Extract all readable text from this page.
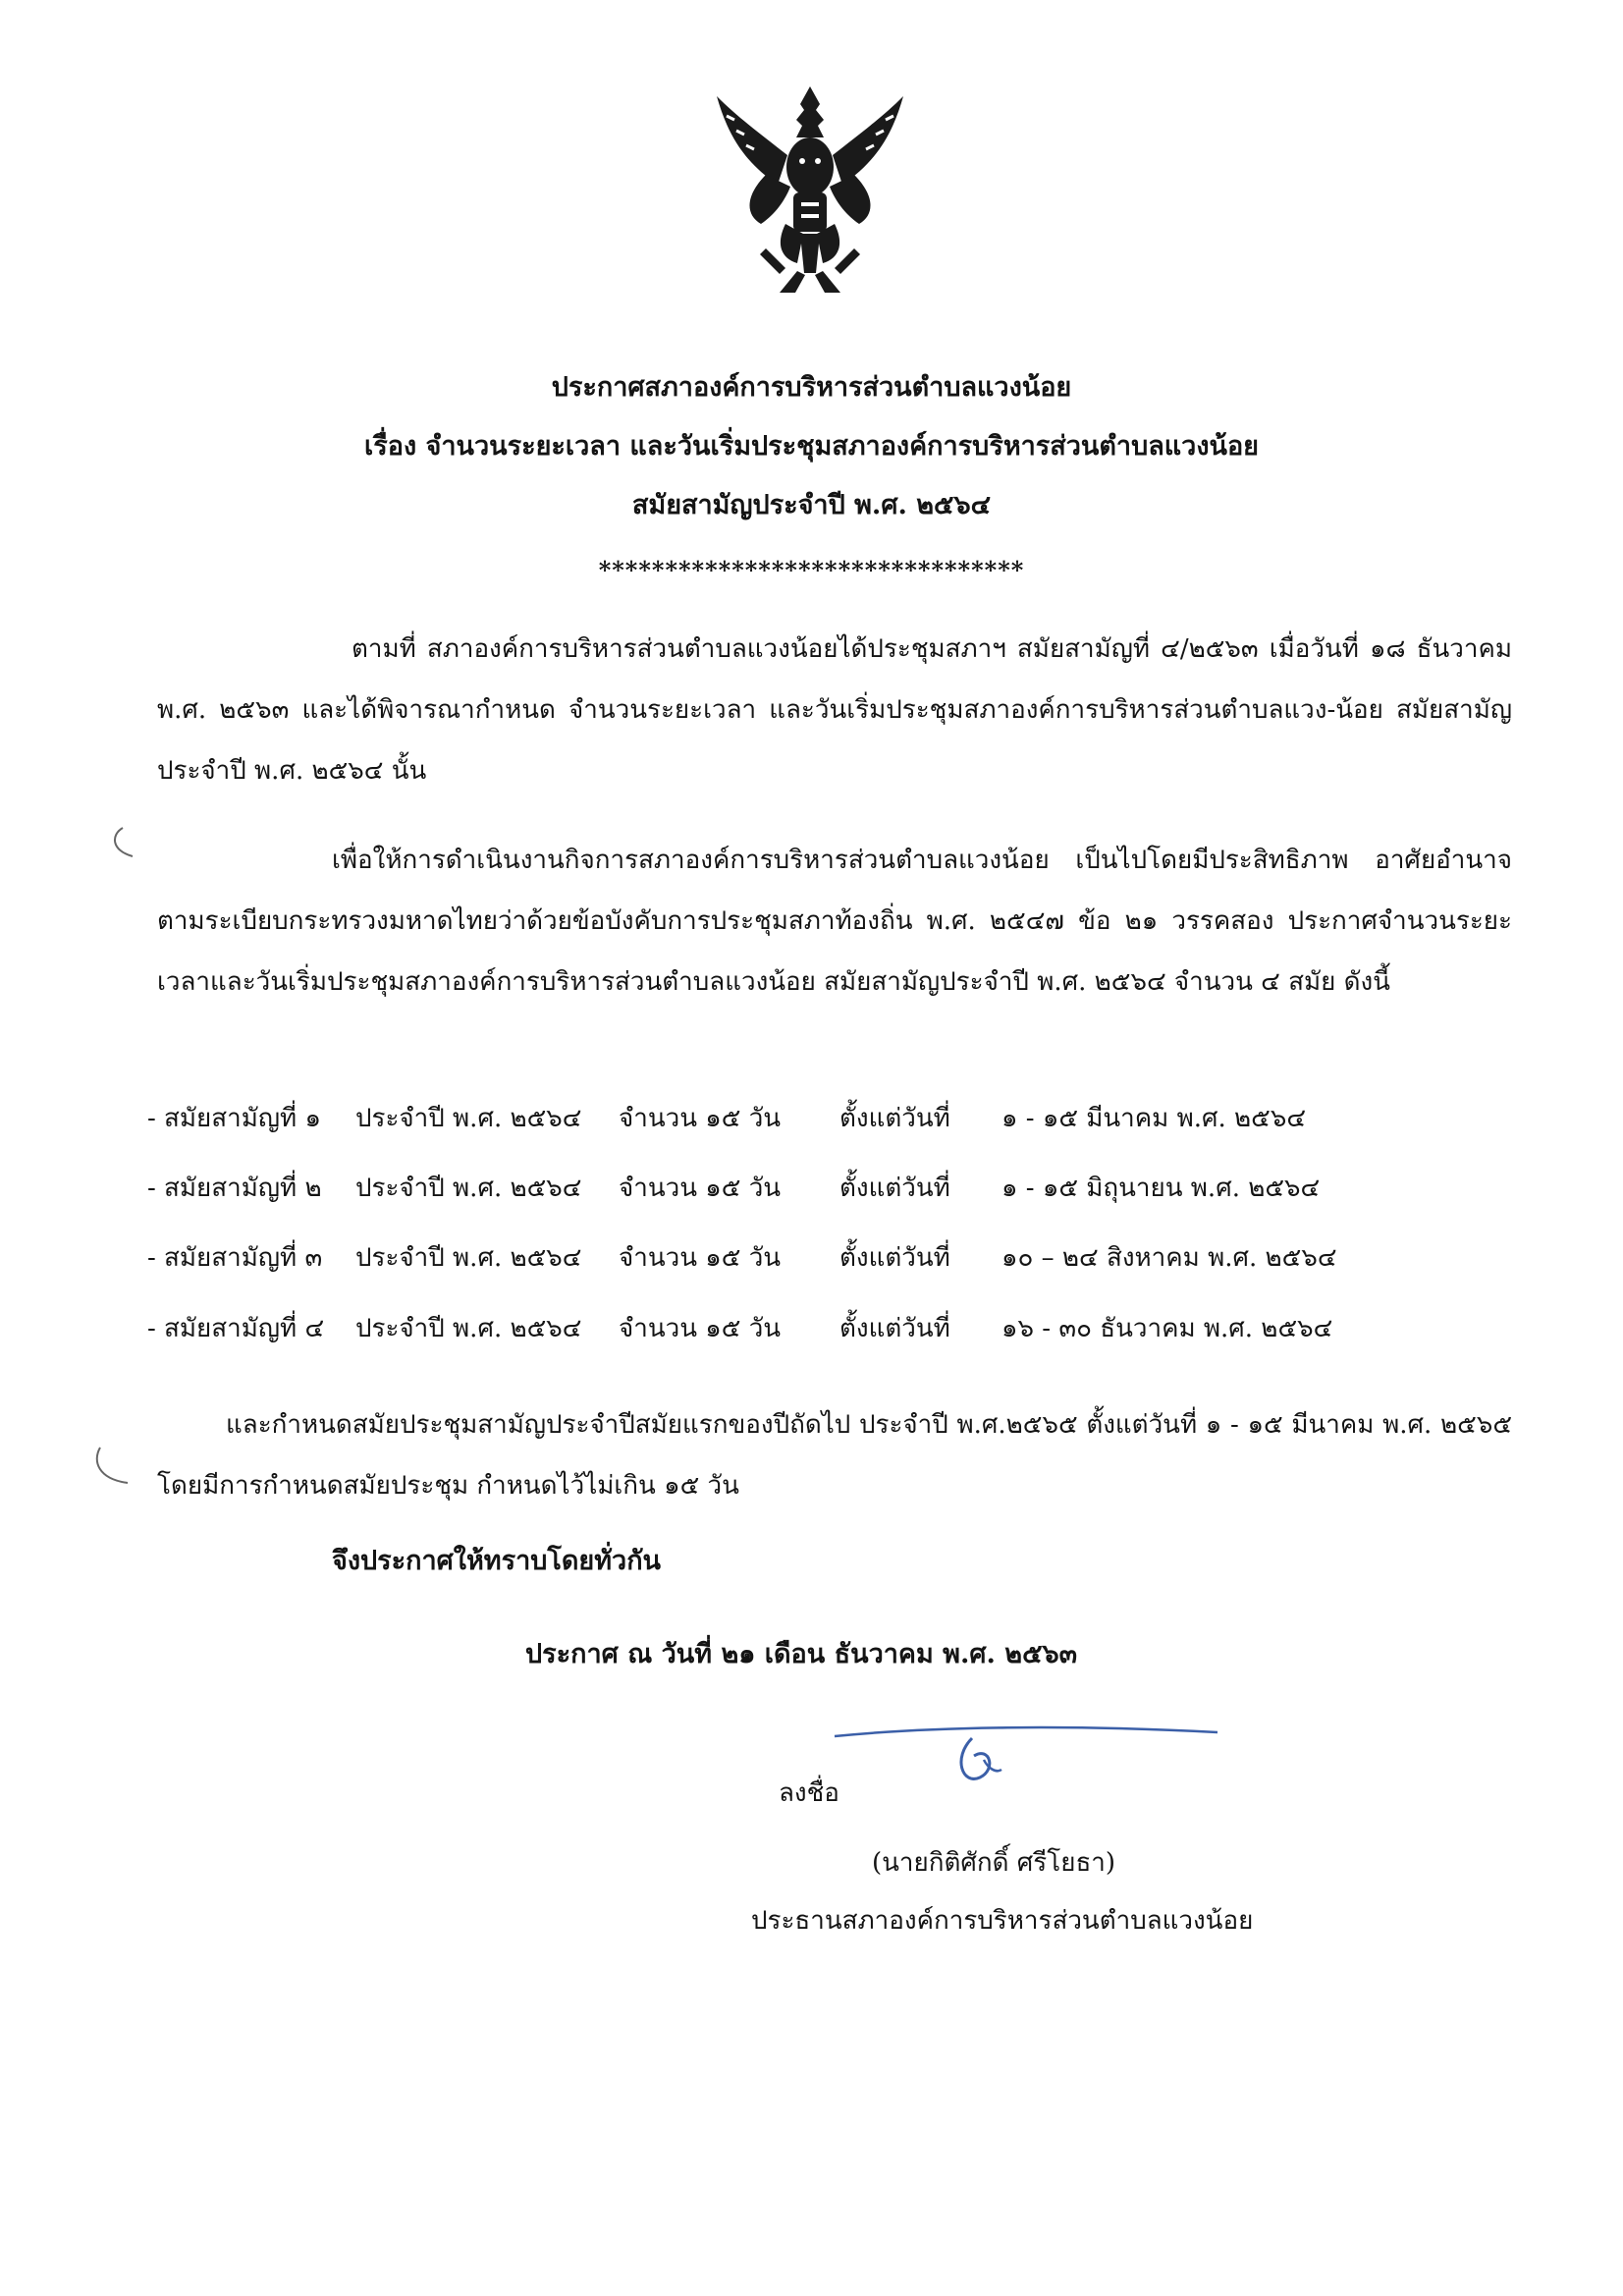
ประกาศสภาองค์การบริหารส่วนตำบลแวงน้อย
เรื่อง จำนวนระยะเวลา และวันเริ่มประชุมสภาองค์การบริหารส่วนตำบลแวงน้อย
สมัยสามัญประจำปี พ.ศ. ๒๕๖๔
********************************

ตามที่ สภาองค์การบริหารส่วนตำบลแวงน้อยได้ประชุมสภาฯ สมัยสามัญที่ ๔/๒๕๖๓ เมื่อวันที่ ๑๘ ธันวาคม พ.ศ. ๒๕๖๓ และได้พิจารณากำหนด จำนวนระยะเวลา และวันเริ่มประชุมสภาองค์การบริหารส่วนตำบลแวง-น้อย สมัยสามัญประจำปี พ.ศ. ๒๕๖๔ นั้น

เพื่อให้การดำเนินงานกิจการสภาองค์การบริหารส่วนตำบลแวงน้อย เป็นไปโดยมีประสิทธิภาพ อาศัยอำนาจตามระเบียบกระทรวงมหาดไทยว่าด้วยข้อบังคับการประชุมสภาท้องถิ่น พ.ศ. ๒๕๔๗ ข้อ ๒๑ วรรคสอง ประกาศจำนวนระยะเวลาและวันเริ่มประชุมสภาองค์การบริหารส่วนตำบลแวงน้อย สมัยสามัญประจำปี พ.ศ. ๒๕๖๔ จำนวน ๔ สมัย ดังนี้

- สมัยสามัญที่ ๑ ประจำปี พ.ศ. ๒๕๖๔ จำนวน ๑๕ วัน ตั้งแต่วันที่ ๑ - ๑๕ มีนาคม พ.ศ. ๒๕๖๔
- สมัยสามัญที่ ๒ ประจำปี พ.ศ. ๒๕๖๔ จำนวน ๑๕ วัน ตั้งแต่วันที่ ๑ - ๑๕ มิถุนายน พ.ศ. ๒๕๖๔
- สมัยสามัญที่ ๓ ประจำปี พ.ศ. ๒๕๖๔ จำนวน ๑๕ วัน ตั้งแต่วันที่ ๑๐ – ๒๔ สิงหาคม พ.ศ. ๒๕๖๔
- สมัยสามัญที่ ๔ ประจำปี พ.ศ. ๒๕๖๔ จำนวน ๑๕ วัน ตั้งแต่วันที่ ๑๖ - ๓๐ ธันวาคม พ.ศ. ๒๕๖๔

และกำหนดสมัยประชุมสามัญประจำปีสมัยแรกของปีถัดไป ประจำปี พ.ศ.๒๕๖๕ ตั้งแต่วันที่ ๑ - ๑๕ มีนาคม พ.ศ. ๒๕๖๕ โดยมีการกำหนดสมัยประชุม กำหนดไว้ไม่เกิน ๑๕ วัน

จึงประกาศให้ทราบโดยทั่วกัน
ประกาศ ณ วันที่ ๒๑ เดือน ธันวาคม พ.ศ. ๒๕๖๓
ลงชื่อ
(นายกิติศักดิ์ ศรีโยธา)
ประธานสภาองค์การบริหารส่วนตำบลแวงน้อย
